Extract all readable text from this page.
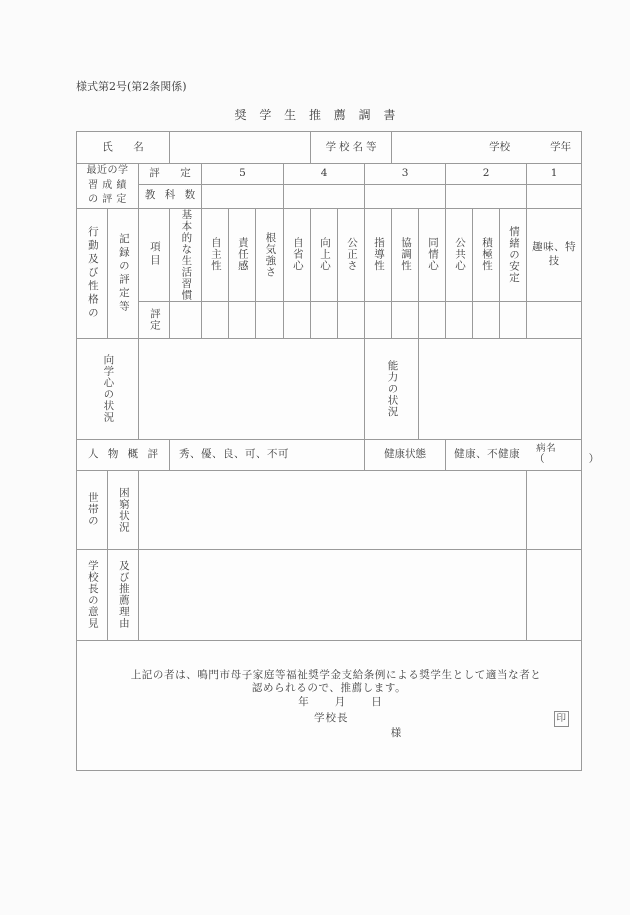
様式第2号(第2条関係)
奨 学 生 推 薦 調 書
氏　名								学校名等			学校 学年					

最近の学
習 成 績
の 評 定		評　定		5			4			3			2			1

		教 科 数														

行動及び性格の	記録の評定等	項目	基本的な生活習慣	自主性	責任感	根気強さ	自省心	向上心	公正さ	指導性	協調性	同情心	公共心	積極性	情緒の安定	趣味、特技

		評定														

向学心の状況										能力の状況						

人 物 概 評			秀、優、良、可、不可							健康状態			健康、不健康 病名
（ ）			

世帯の	困窮状況															

学校長の意見	及び推薦理由															

上記の者は、鳴門市母子家庭等福祉奨学金支給条例による奨学生として適当な者と
認められるので、推薦します。
年 月 日
学校長	印
様
